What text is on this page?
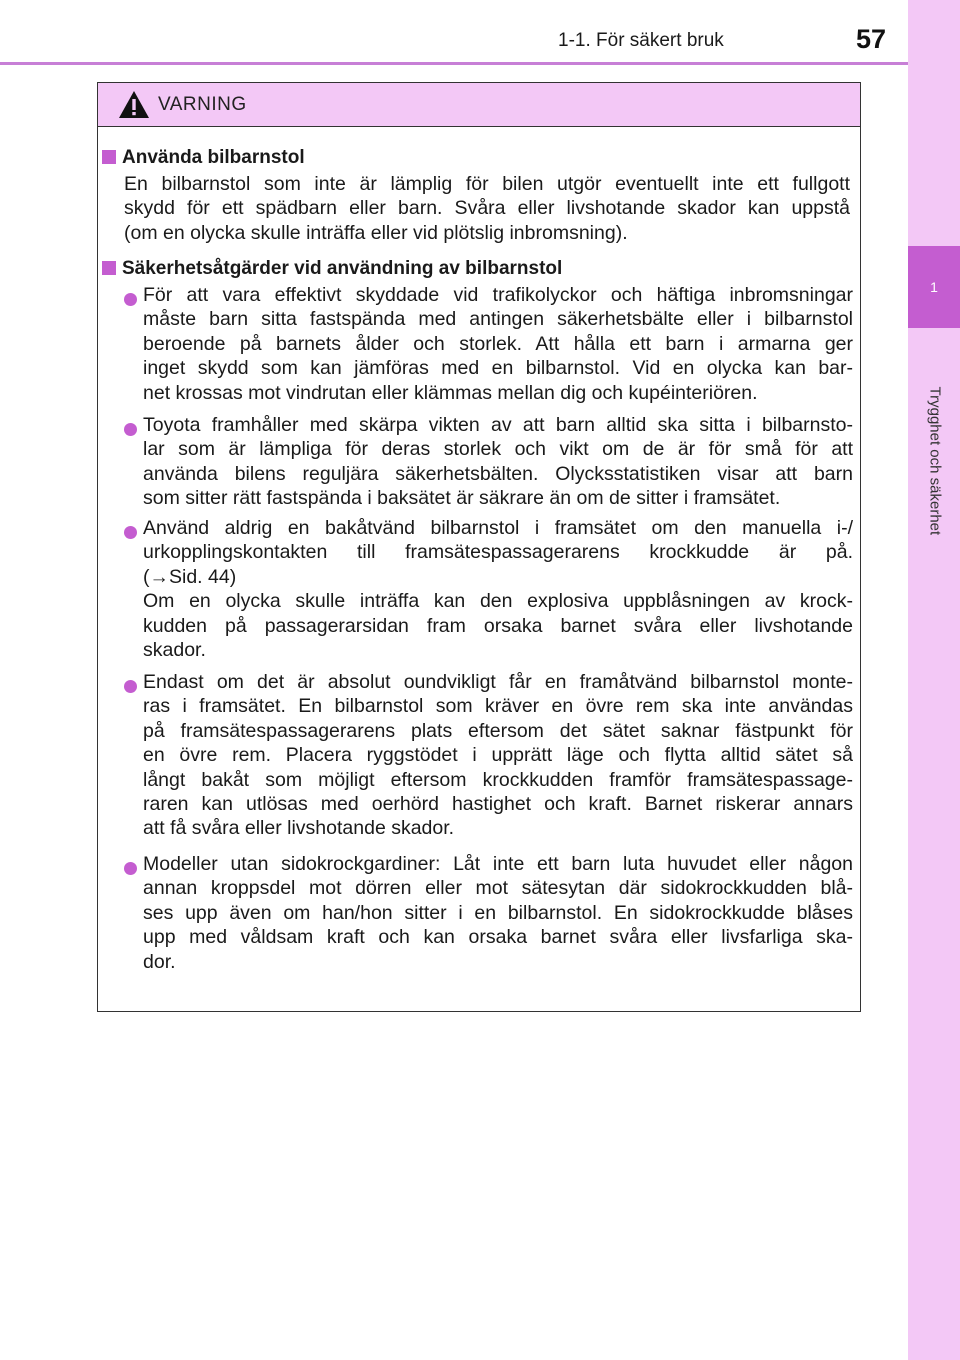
1-1. För säkert bruk	57
1
Trygghet och säkerhet
VARNING
Använda bilbarnstol
En bilbarnstol som inte är lämplig för bilen utgör eventuellt inte ett fullgott
skydd för ett spädbarn eller barn. Svåra eller livshotande skador kan uppstå
(om en olycka skulle inträffa eller vid plötslig inbromsning).
Säkerhetsåtgärder vid användning av bilbarnstol
För att vara effektivt skyddade vid trafikolyckor och häftiga inbromsningar
måste barn sitta fastspända med antingen säkerhetsbälte eller i bilbarnstol
beroende på barnets ålder och storlek. Att hålla ett barn i armarna ger
inget skydd som kan jämföras med en bilbarnstol. Vid en olycka kan bar-
net krossas mot vindrutan eller klämmas mellan dig och kupéinteriören.
Toyota framhåller med skärpa vikten av att barn alltid ska sitta i bilbarnsto-
lar som är lämpliga för deras storlek och vikt om de är för små för att
använda bilens reguljära säkerhetsbälten. Olycksstatistiken visar att barn
som sitter rätt fastspända i baksätet är säkrare än om de sitter i framsätet.
Använd aldrig en bakåtvänd bilbarnstol i framsätet om den manuella i-/
urkopplingskontakten till framsätespassagerarens krockkudde är på.
(→Sid. 44)
Om en olycka skulle inträffa kan den explosiva uppblåsningen av krock-
kudden på passagerarsidan fram orsaka barnet svåra eller livshotande
skador.
Endast om det är absolut oundvikligt får en framåtvänd bilbarnstol monte-
ras i framsätet. En bilbarnstol som kräver en övre rem ska inte användas
på framsätespassagerarens plats eftersom det sätet saknar fästpunkt för
en övre rem. Placera ryggstödet i upprätt läge och flytta alltid sätet så
långt bakåt som möjligt eftersom krockkudden framför framsätespassage-
raren kan utlösas med oerhörd hastighet och kraft. Barnet riskerar annars
att få svåra eller livshotande skador.
Modeller utan sidokrockgardiner: Låt inte ett barn luta huvudet eller någon
annan kroppsdel mot dörren eller mot sätesytan där sidokrockkudden blå-
ses upp även om han/hon sitter i en bilbarnstol. En sidokrockkudde blåses
upp med våldsam kraft och kan orsaka barnet svåra eller livsfarliga ska-
dor.
